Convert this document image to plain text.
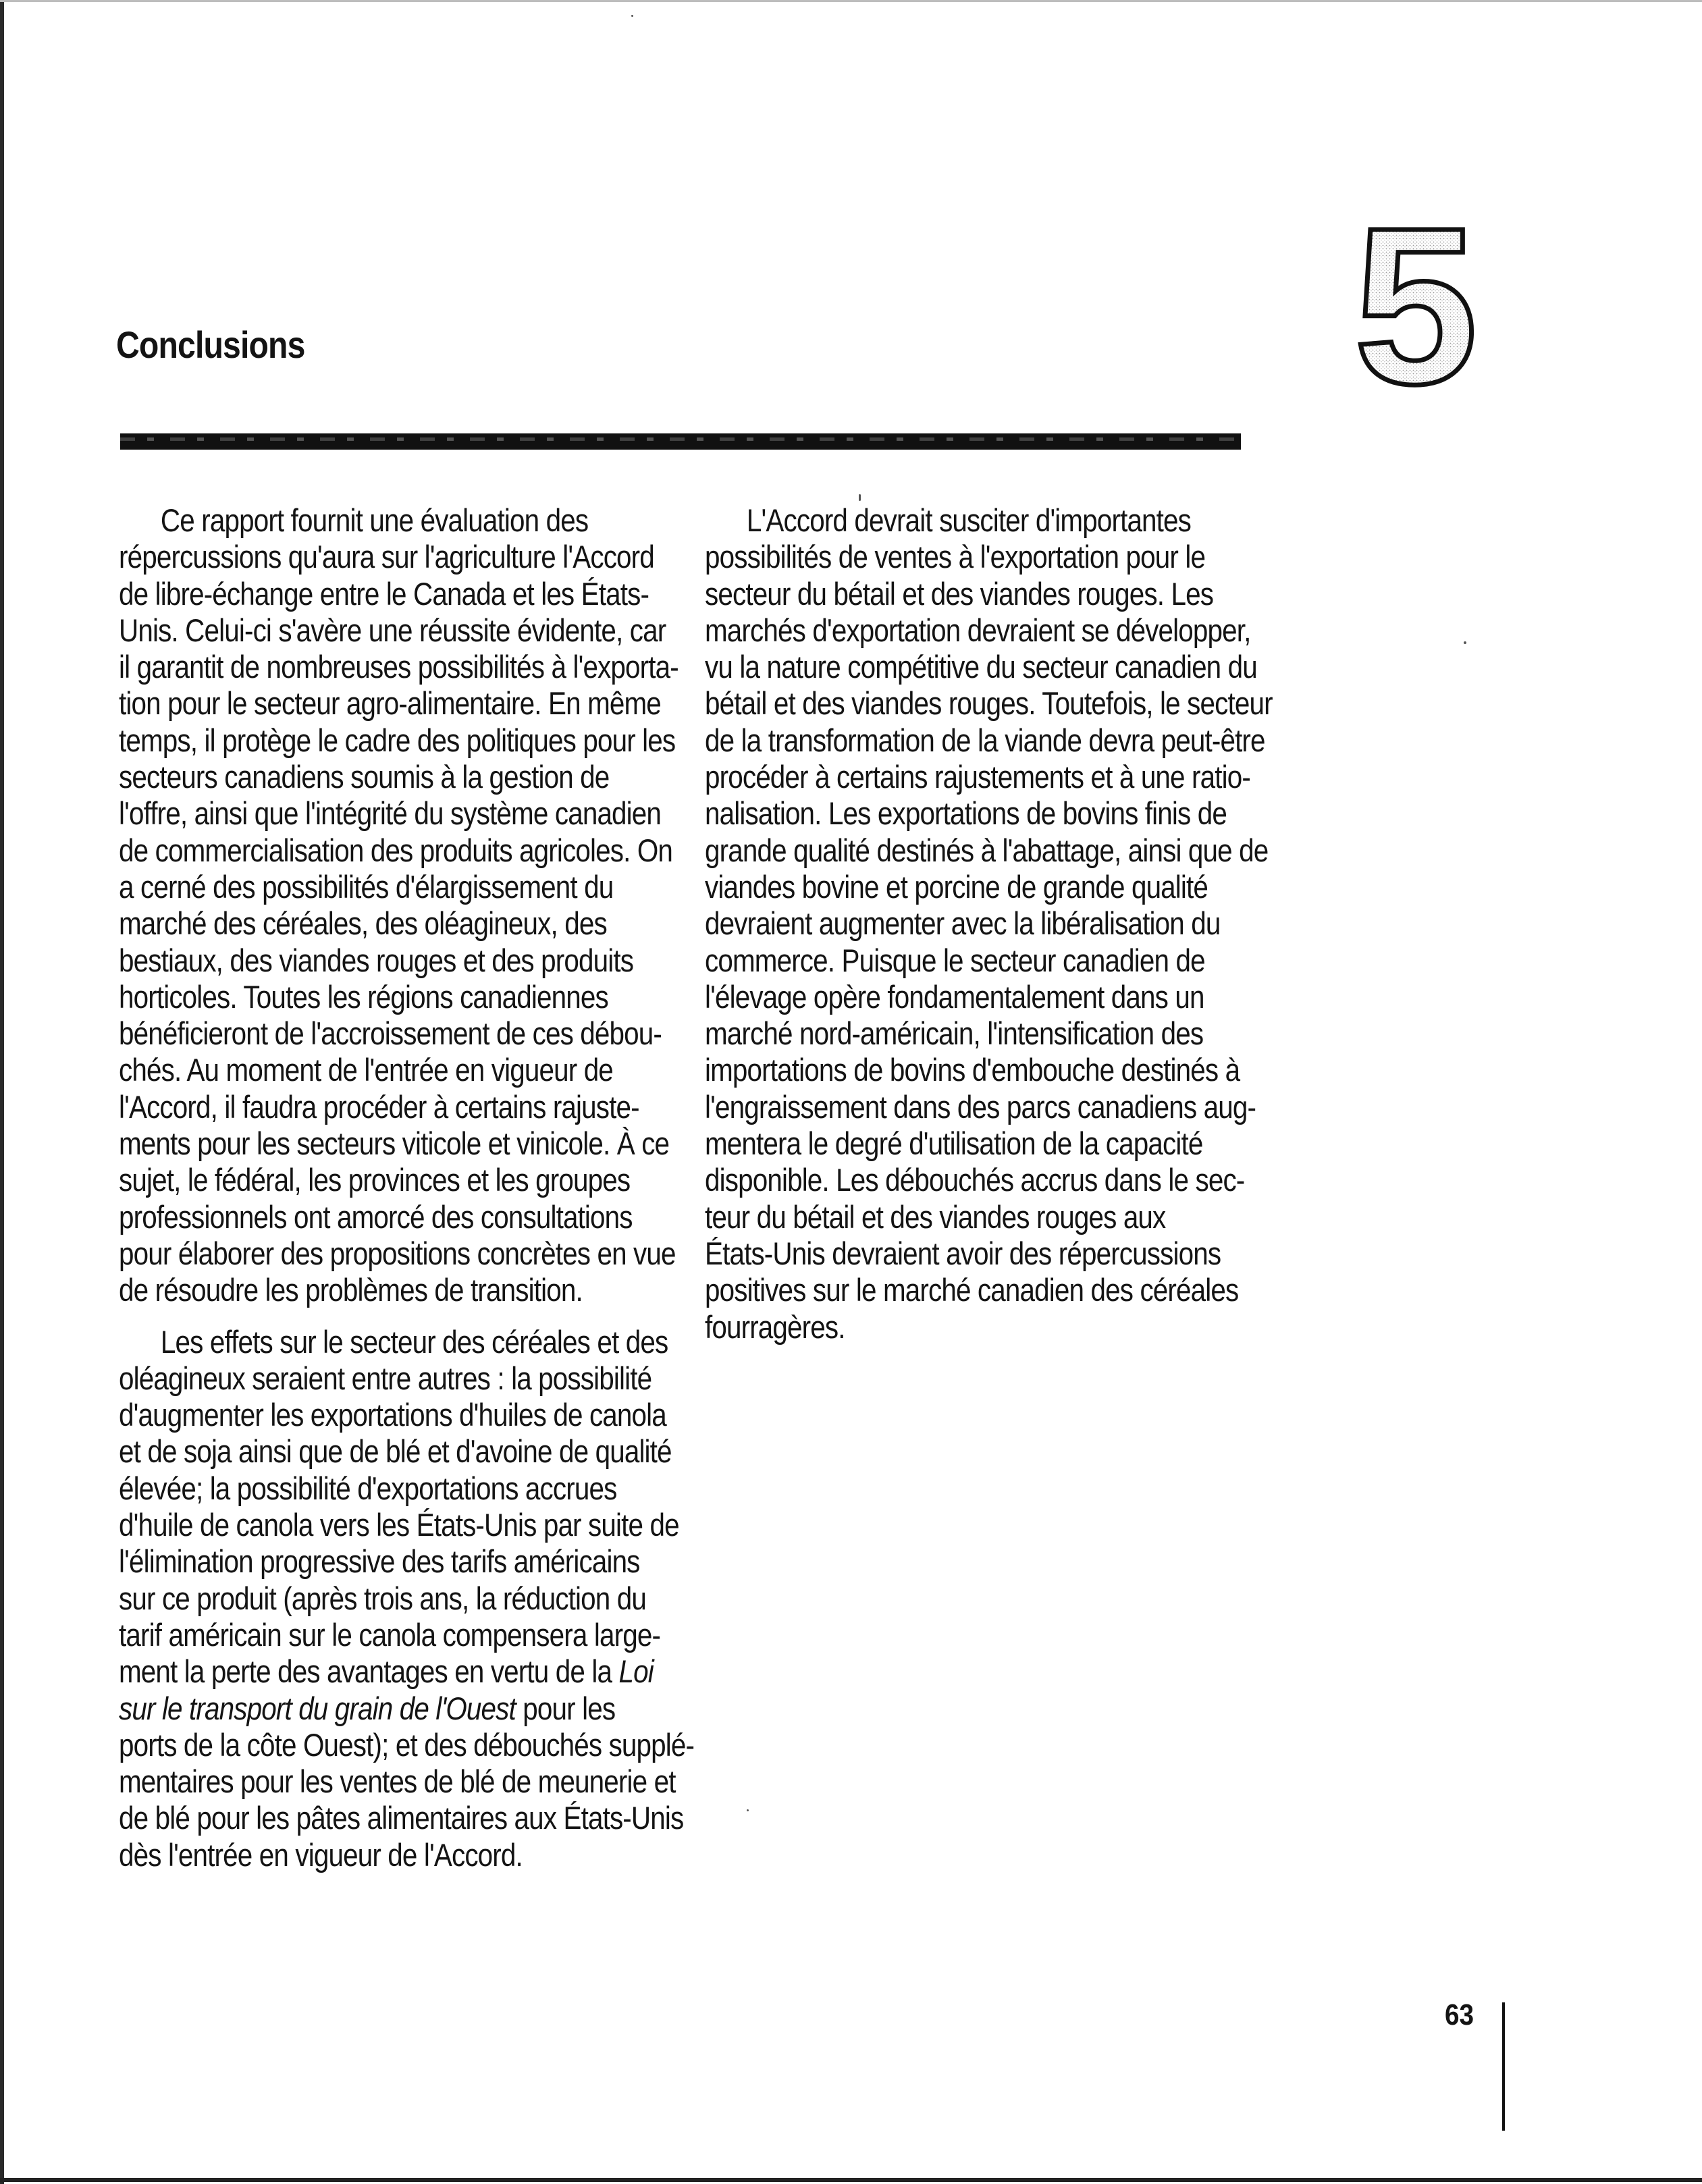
Conclusions	5

Ce rapport fournit une évaluation des
répercussions qu'aura sur l'agriculture l'Accord
de libre-échange entre le Canada et les États-
Unis. Celui-ci s'avère une réussite évidente, car
il garantit de nombreuses possibilités à l'exporta-
tion pour le secteur agro-alimentaire. En même
temps, il protège le cadre des politiques pour les
secteurs canadiens soumis à la gestion de
l'offre, ainsi que l'intégrité du système canadien
de commercialisation des produits agricoles. On
a cerné des possibilités d'élargissement du
marché des céréales, des oléagineux, des
bestiaux, des viandes rouges et des produits
horticoles. Toutes les régions canadiennes
bénéficieront de l'accroissement de ces débou-
chés. Au moment de l'entrée en vigueur de
l'Accord, il faudra procéder à certains rajuste-
ments pour les secteurs viticole et vinicole. À ce
sujet, le fédéral, les provinces et les groupes
professionnels ont amorcé des consultations
pour élaborer des propositions concrètes en vue
de résoudre les problèmes de transition.

Les effets sur le secteur des céréales et des
oléagineux seraient entre autres : la possibilité
d'augmenter les exportations d'huiles de canola
et de soja ainsi que de blé et d'avoine de qualité
élevée; la possibilité d'exportations accrues
d'huile de canola vers les États-Unis par suite de
l'élimination progressive des tarifs américains
sur ce produit (après trois ans, la réduction du
tarif américain sur le canola compensera large-
ment la perte des avantages en vertu de la Loi
sur le transport du grain de l'Ouest pour les
ports de la côte Ouest); et des débouchés supplé-
mentaires pour les ventes de blé de meunerie et
de blé pour les pâtes alimentaires aux États-Unis
dès l'entrée en vigueur de l'Accord.

L'Accord devrait susciter d'importantes
possibilités de ventes à l'exportation pour le
secteur du bétail et des viandes rouges. Les
marchés d'exportation devraient se développer,
vu la nature compétitive du secteur canadien du
bétail et des viandes rouges. Toutefois, le secteur
de la transformation de la viande devra peut-être
procéder à certains rajustements et à une ratio-
nalisation. Les exportations de bovins finis de
grande qualité destinés à l'abattage, ainsi que de
viandes bovine et porcine de grande qualité
devraient augmenter avec la libéralisation du
commerce. Puisque le secteur canadien de
l'élevage opère fondamentalement dans un
marché nord-américain, l'intensification des
importations de bovins d'embouche destinés à
l'engraissement dans des parcs canadiens aug-
mentera le degré d'utilisation de la capacité
disponible. Les débouchés accrus dans le sec-
teur du bétail et des viandes rouges aux
États-Unis devraient avoir des répercussions
positives sur le marché canadien des céréales
fourragères.

63
